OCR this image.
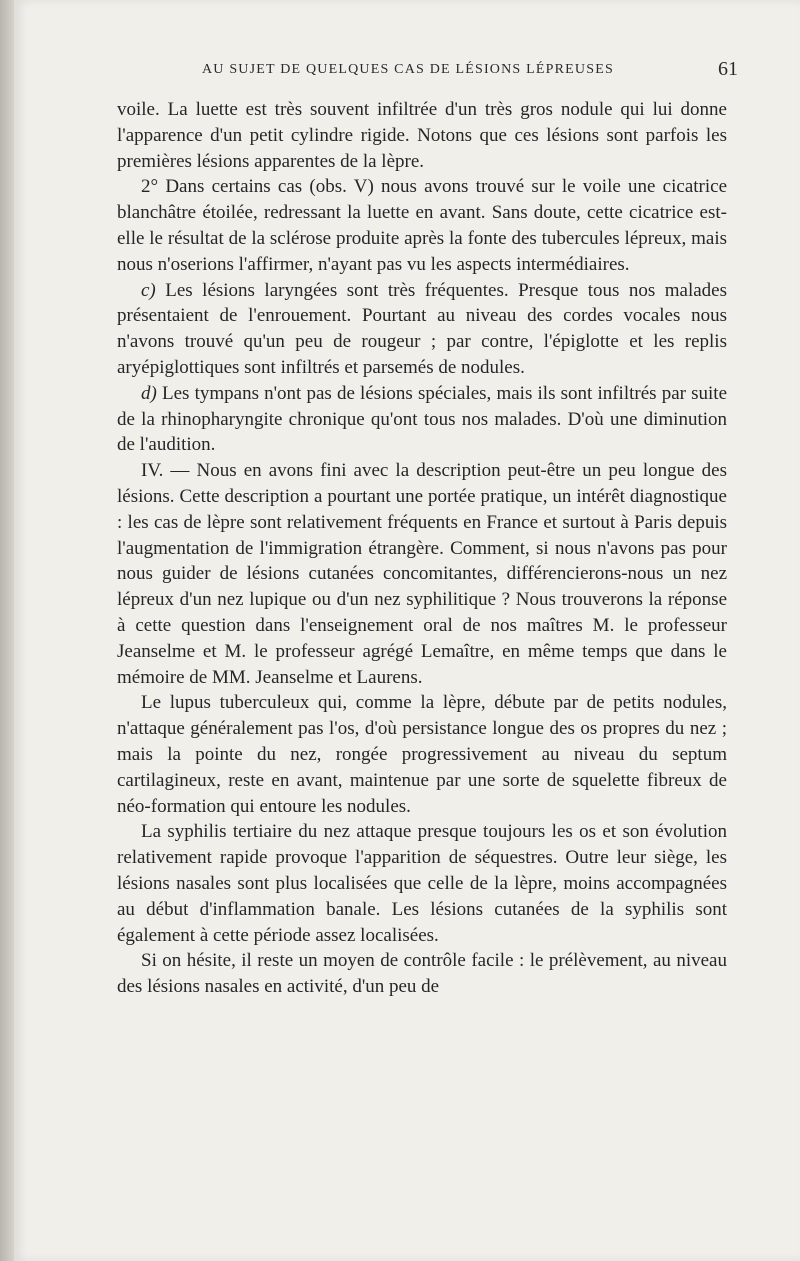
AU SUJET DE QUELQUES CAS DE LÉSIONS LÉPREUSES	61

voile. La luette est très souvent infiltrée d'un très gros nodule qui lui donne l'apparence d'un petit cylindre rigide. Notons que ces lésions sont parfois les premières lésions apparentes de la lèpre.

2° Dans certains cas (obs. V) nous avons trouvé sur le voile une cicatrice blanchâtre étoilée, redressant la luette en avant. Sans doute, cette cicatrice est-elle le résultat de la sclérose produite après la fonte des tubercules lépreux, mais nous n'oserions l'affirmer, n'ayant pas vu les aspects intermédiaires.

c) Les lésions laryngées sont très fréquentes. Presque tous nos malades présentaient de l'enrouement. Pourtant au niveau des cordes vocales nous n'avons trouvé qu'un peu de rougeur ; par contre, l'épiglotte et les replis aryépiglottiques sont infiltrés et parsemés de nodules.

d) Les tympans n'ont pas de lésions spéciales, mais ils sont infiltrés par suite de la rhinopharyngite chronique qu'ont tous nos malades. D'où une diminution de l'audition.

IV. — Nous en avons fini avec la description peut-être un peu longue des lésions. Cette description a pourtant une portée pratique, un intérêt diagnostique : les cas de lèpre sont relativement fréquents en France et surtout à Paris depuis l'augmentation de l'immigration étrangère. Comment, si nous n'avons pas pour nous guider de lésions cutanées concomitantes, différencierons-nous un nez lépreux d'un nez lupique ou d'un nez syphilitique ? Nous trouverons la réponse à cette question dans l'enseignement oral de nos maîtres M. le professeur Jeanselme et M. le professeur agrégé Lemaître, en même temps que dans le mémoire de MM. Jeanselme et Laurens.

Le lupus tuberculeux qui, comme la lèpre, débute par de petits nodules, n'attaque généralement pas l'os, d'où persistance longue des os propres du nez ; mais la pointe du nez, rongée progressivement au niveau du septum cartilagineux, reste en avant, maintenue par une sorte de squelette fibreux de néo-formation qui entoure les nodules.

La syphilis tertiaire du nez attaque presque toujours les os et son évolution relativement rapide provoque l'apparition de séquestres. Outre leur siège, les lésions nasales sont plus localisées que celle de la lèpre, moins accompagnées au début d'inflammation banale. Les lésions cutanées de la syphilis sont également à cette période assez localisées.

Si on hésite, il reste un moyen de contrôle facile : le prélèvement, au niveau des lésions nasales en activité, d'un peu de
